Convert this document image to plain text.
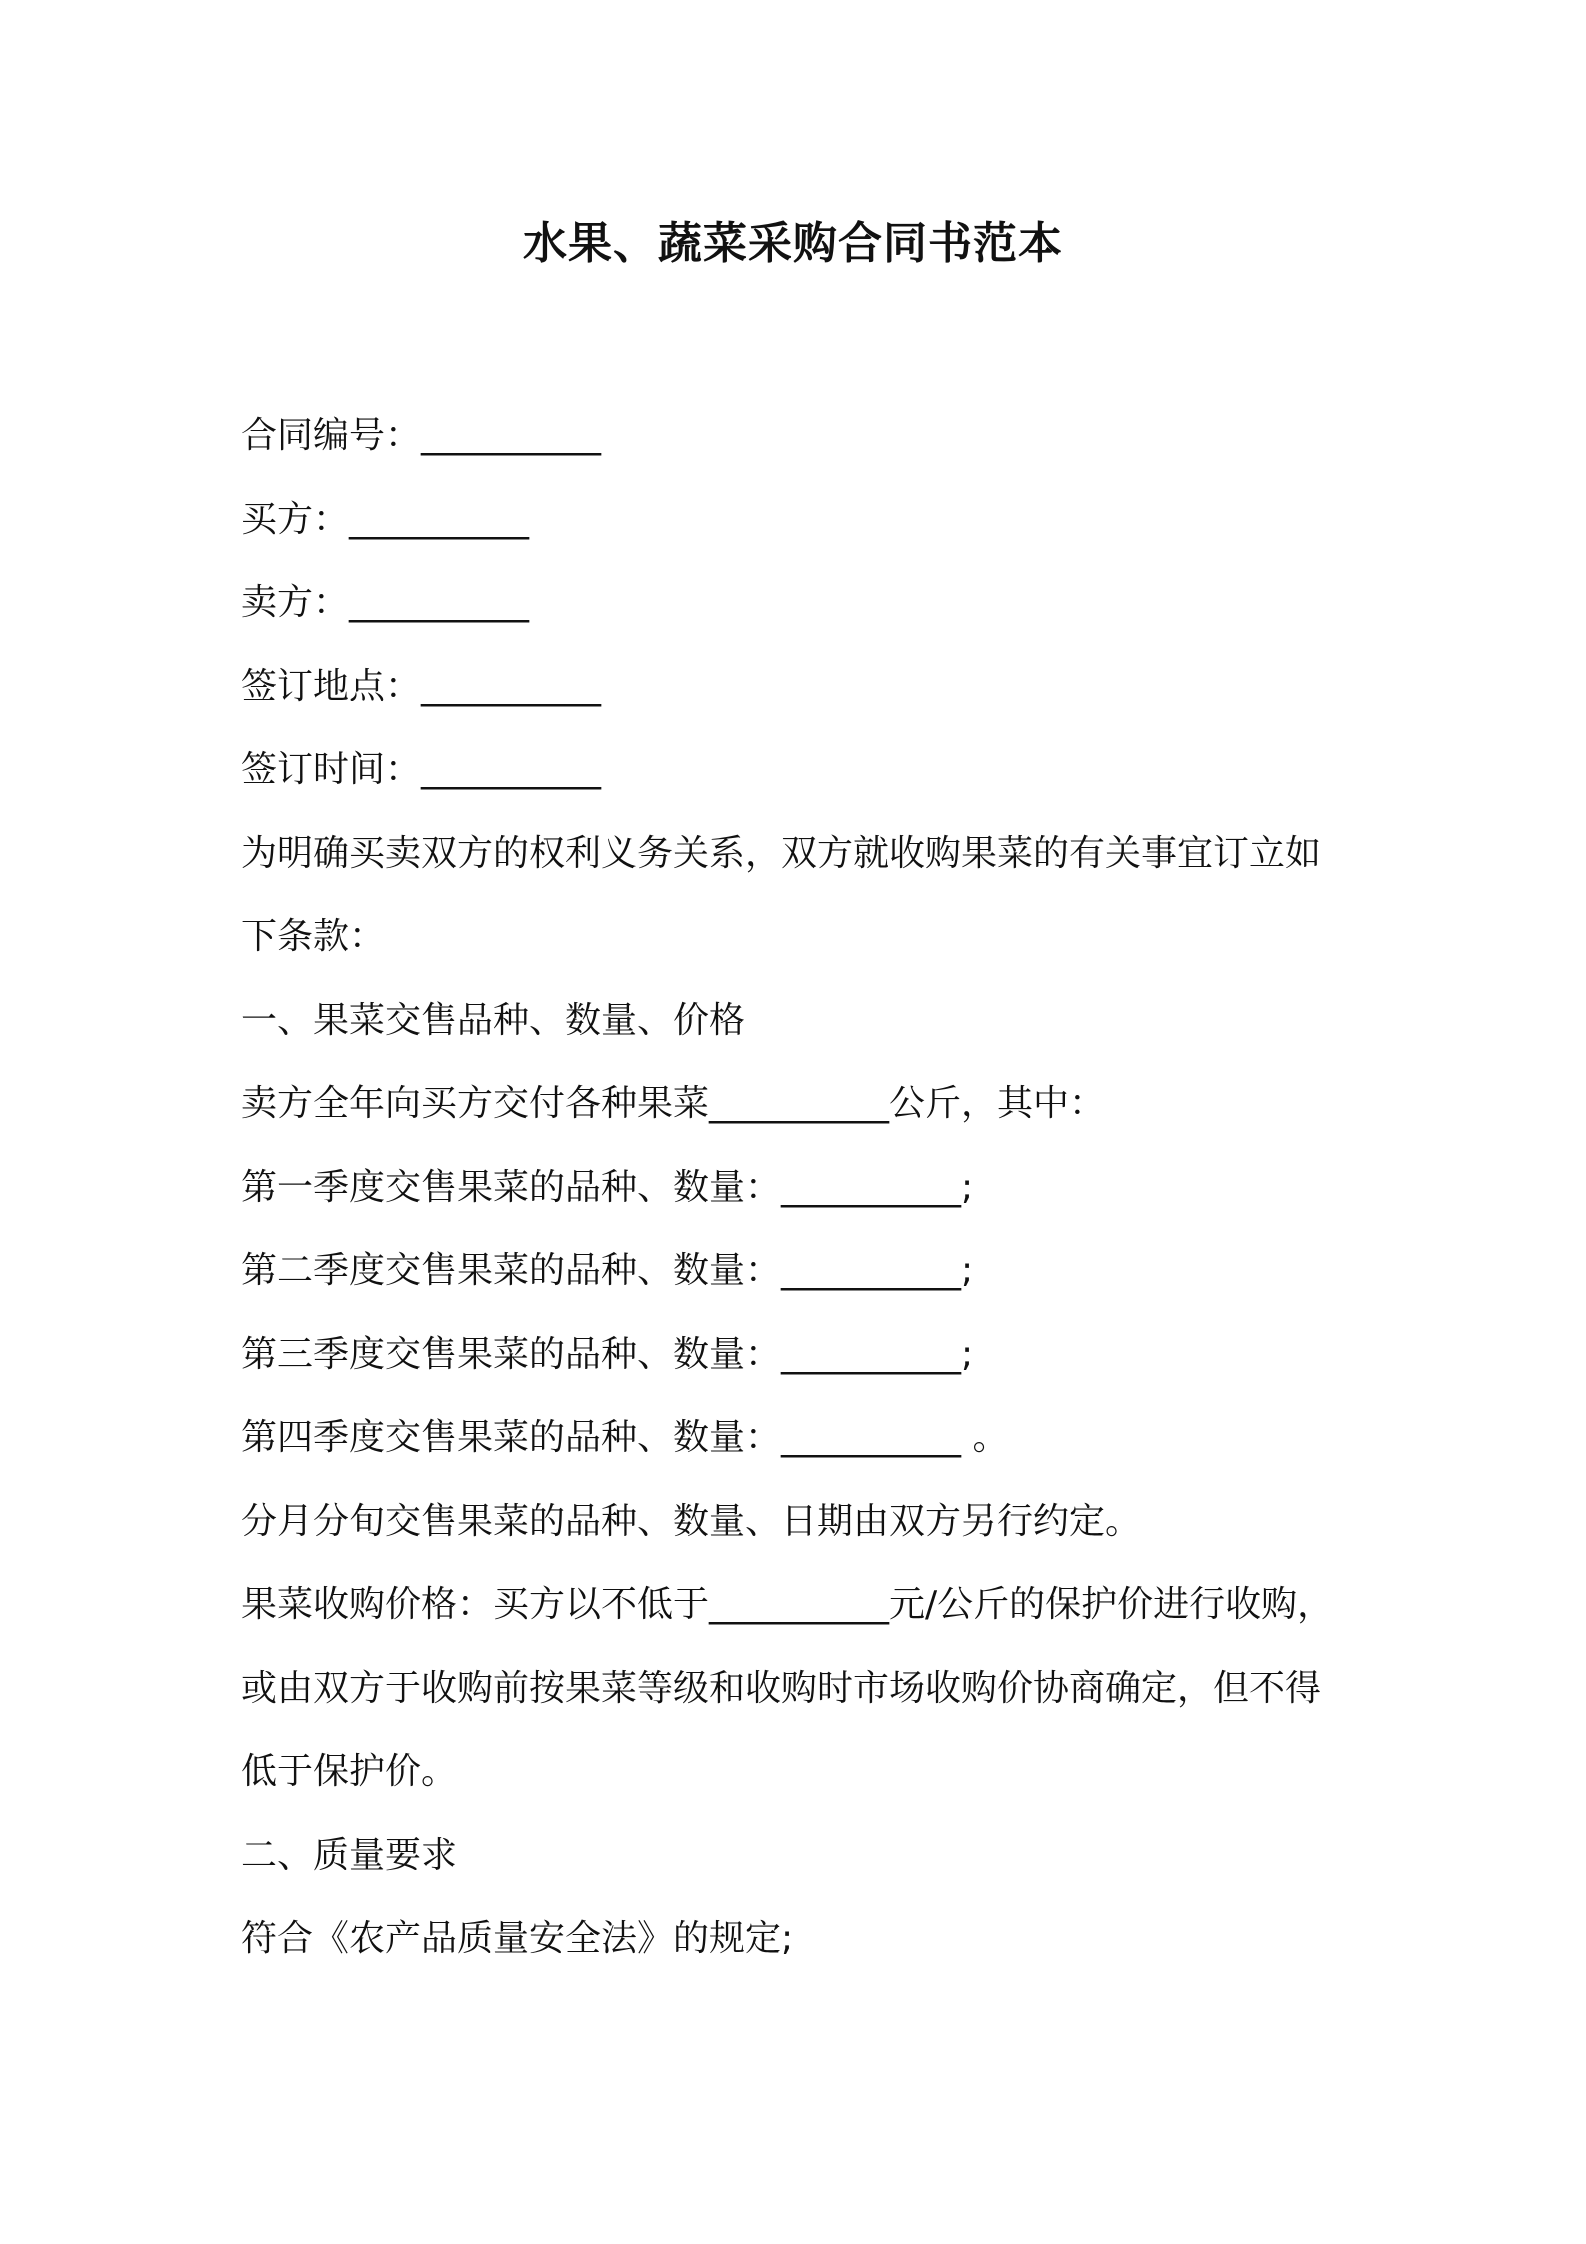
水果、蔬菜采购合同书范本

合同编号：__________

买方：__________

卖方：__________

签订地点：__________

签订时间：__________

为明确买卖双方的权利义务关系，双方就收购果菜的有关事宜订立如

下条款：

一、果菜交售品种、数量、价格

卖方全年向买方交付各种果菜__________公斤，其中：

第一季度交售果菜的品种、数量：__________;

第二季度交售果菜的品种、数量：__________;

第三季度交售果菜的品种、数量：__________;

第四季度交售果菜的品种、数量：__________ 。

分月分旬交售果菜的品种、数量、日期由双方另行约定。

果菜收购价格：买方以不低于__________元/公斤的保护价进行收购，

或由双方于收购前按果菜等级和收购时市场收购价协商确定，但不得

低于保护价。

二、质量要求

符合《农产品质量安全法》的规定;
